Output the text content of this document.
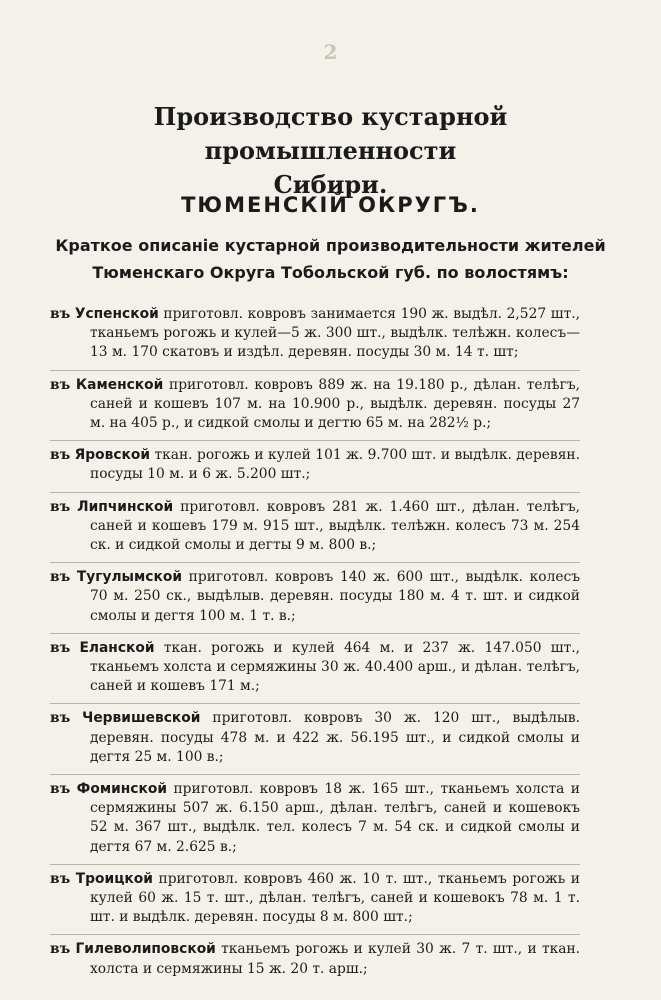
2
Производство кустарной промышленности
Сибири.
ТЮМЕНСКІЙ ОКРУГЪ.
Краткое описаніе кустарной производительности жителей
Тюменскаго Округа Тобольской губ. по волостямъ:

въ Успенской приготовл. ковровъ занимается 190 ж. выдѣл. 2,527 шт., тканьемъ рогожь и кулей—5 ж. 300 шт., выдѣлк. телѣжн. колесъ—13 м. 170 скатовъ и издѣл. деревян. посуды 30 м. 14 т. шт;

въ Каменской приготовл. ковровъ 889 ж. на 19.180 р., дѣлан. телѣгъ, саней и кошевъ 107 м. на 10.900 р., выдѣлк. деревян. посуды 27 м. на 405 р., и сидкой смолы и дегтю 65 м. на 282½ р.;

въ Яровской ткан. рогожь и кулей 101 ж. 9.700 шт. и выдѣлк. деревян. посуды 10 м. и 6 ж. 5.200 шт.;

въ Липчинской приготовл. ковровъ 281 ж. 1.460 шт., дѣлан. телѣгъ, саней и кошевъ 179 м. 915 шт., выдѣлк. телѣжн. колесъ 73 м. 254 ск. и сидкой смолы и дегты 9 м. 800 в.;

въ Тугулымской приготовл. ковровъ 140 ж. 600 шт., выдѣлк. колесъ 70 м. 250 ск., выдѣлыв. деревян. посуды 180 м. 4 т. шт. и сидкой смолы и дегтя 100 м. 1 т. в.;

въ Еланской ткан. рогожь и кулей 464 м. и 237 ж. 147.050 шт., тканьемъ холста и сермяжины 30 ж. 40.400 арш., и дѣлан. телѣгъ, саней и кошевъ 171 м.;

въ Червишевской приготовл. ковровъ 30 ж. 120 шт., выдѣлыв. деревян. посуды 478 м. и 422 ж. 56.195 шт., и сидкой смолы и дегтя 25 м. 100 в.;

въ Фоминской приготовл. ковровъ 18 ж. 165 шт., тканьемъ холста и сермяжины 507 ж. 6.150 арш., дѣлан. телѣгъ, саней и кошевокъ 52 м. 367 шт., выдѣлк. тел. колесъ 7 м. 54 ск. и сидкой смолы и дегтя 67 м. 2.625 в.;

въ Троицкой приготовл. ковровъ 460 ж. 10 т. шт., тканьемъ рогожь и кулей 60 ж. 15 т. шт., дѣлан. телѣгъ, саней и кошевокъ 78 м. 1 т. шт. и выдѣлк. деревян. посуды 8 м. 800 шт.;

въ Гилеволиповской тканьемъ рогожь и кулей 30 ж. 7 т. шт., и ткан. холста и сермяжины 15 ж. 20 т. арш.;
